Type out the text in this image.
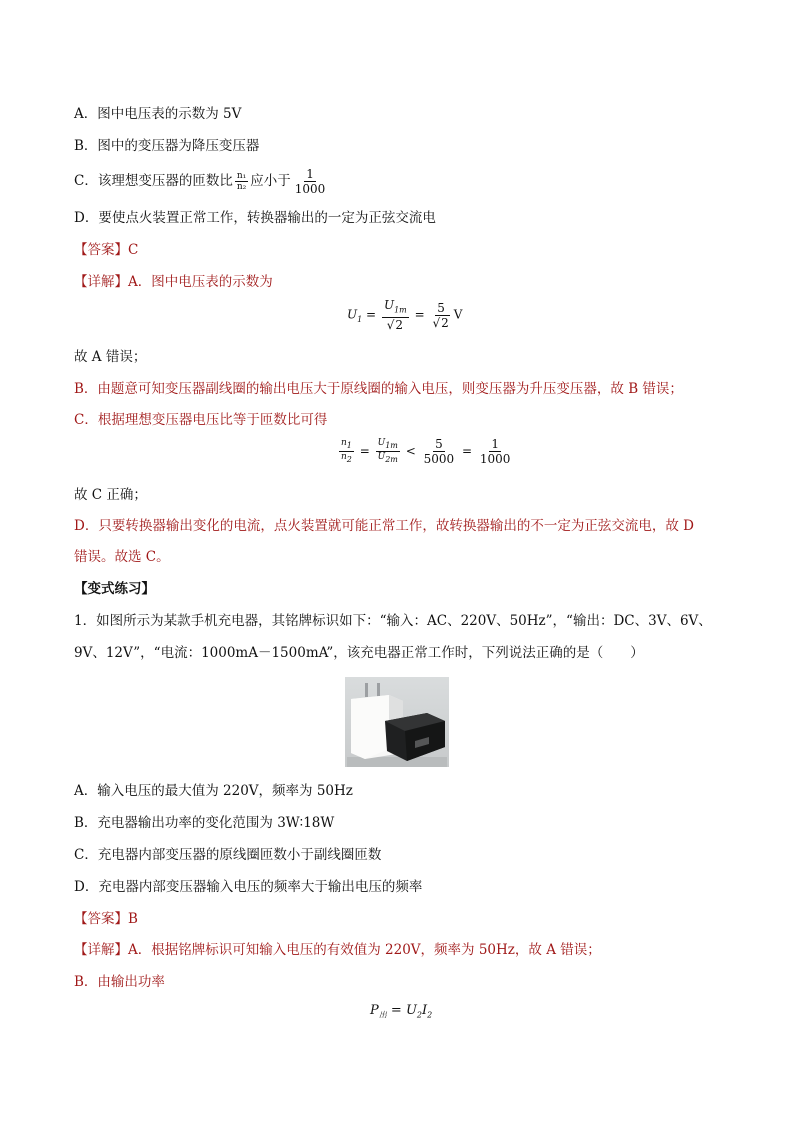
A．图中电压表的示数为 5V
B．图中的变压器为降压变压器
C．该理想变压器的匝数比 $\frac{\text{n₁}}{\text{n₂}}$ 应小于 $\frac{1}{1000}$
D．要使点火装置正常工作，转换器输出的一定为正弦交流电
【答案】C
【详解】A．图中电压表的示数为
$U_1 = \frac{U_{1m}}{√2} = \frac{5}{√2}$ V
故 A 错误；
B．由题意可知变压器副线圈的输出电压大于原线圈的输入电压，则变压器为升压变压器，故 B 错误；
C．根据理想变压器电压比等于匝数比可得
$\frac{n_1}{n_2} = \frac{U_{1m}}{U_{2m}} < \frac{5}{5000} = \frac{1}{1000}$
故 C 正确；
D．只要转换器输出变化的电流，点火装置就可能正常工作，故转换器输出的不一定为正弦交流电，故 D
错误。故选 C。
【变式练习】
1．如图所示为某款手机充电器，其铭牌标识如下：“输入：AC、220V、50Hz”，“输出：DC、3V、6V、
9V、12V”，“电流：1000mA－1500mA”，该充电器正常工作时，下列说法正确的是（　　）
A．输入电压的最大值为 220V，频率为 50Hz
B．充电器输出功率的变化范围为 3W∶18W
C．充电器内部变压器的原线圈匝数小于副线圈匝数
D．充电器内部变压器输入电压的频率大于输出电压的频率
【答案】B
【详解】A．根据铭牌标识可知输入电压的有效值为 220V，频率为 50Hz，故 A 错误；
B．由输出功率
$P_出 = U_2I_2$
